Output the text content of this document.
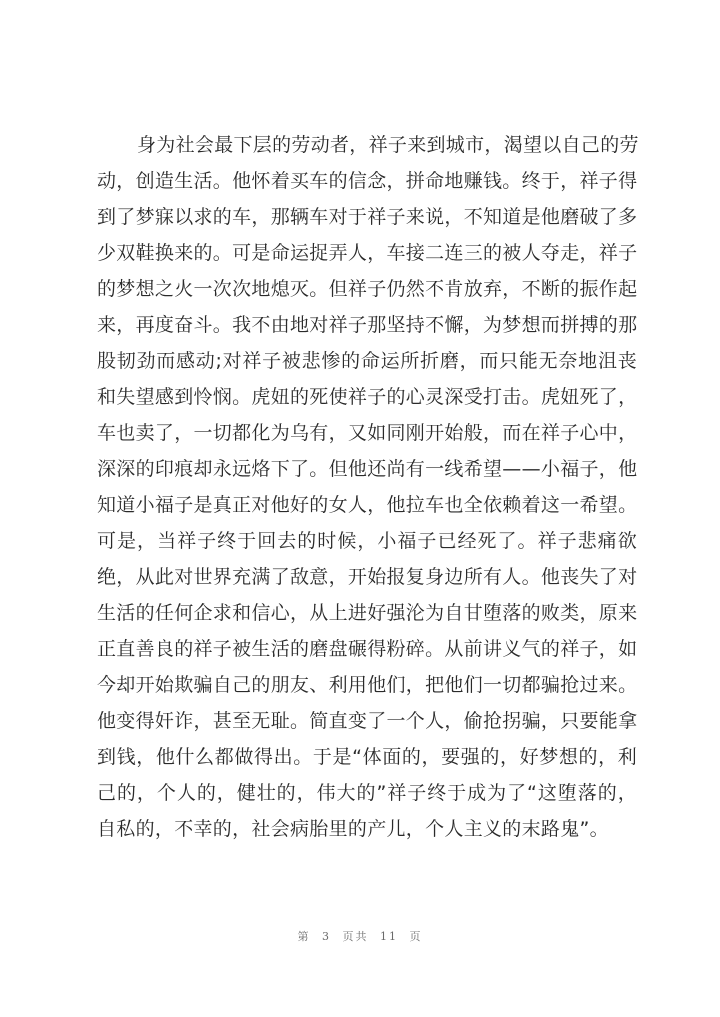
身为社会最下层的劳动者，祥子来到城市，渴望以自己的劳
动，创造生活。他怀着买车的信念，拼命地赚钱。终于，祥子得
到了梦寐以求的车，那辆车对于祥子来说，不知道是他磨破了多
少双鞋换来的。可是命运捉弄人，车接二连三的被人夺走，祥子
的梦想之火一次次地熄灭。但祥子仍然不肯放弃，不断的振作起
来，再度奋斗。我不由地对祥子那坚持不懈，为梦想而拼搏的那
股韧劲而感动;对祥子被悲惨的命运所折磨，而只能无奈地沮丧
和失望感到怜悯。虎妞的死使祥子的心灵深受打击。虎妞死了，
车也卖了，一切都化为乌有，又如同刚开始般，而在祥子心中，
深深的印痕却永远烙下了。但他还尚有一线希望——小福子，他
知道小福子是真正对他好的女人，他拉车也全依赖着这一希望。
可是，当祥子终于回去的时候，小福子已经死了。祥子悲痛欲
绝，从此对世界充满了敌意，开始报复身边所有人。他丧失了对
生活的任何企求和信心，从上进好强沦为自甘堕落的败类，原来
正直善良的祥子被生活的磨盘碾得粉碎。从前讲义气的祥子，如
今却开始欺骗自己的朋友、利用他们，把他们一切都骗抢过来。
他变得奸诈，甚至无耻。简直变了一个人，偷抢拐骗，只要能拿
到钱，他什么都做得出。于是“体面的，要强的，好梦想的，利
己的，个人的，健壮的，伟大的”祥子终于成为了“这堕落的，
自私的，不幸的，社会病胎里的产儿，个人主义的末路鬼”。
第 3 页共 11 页
